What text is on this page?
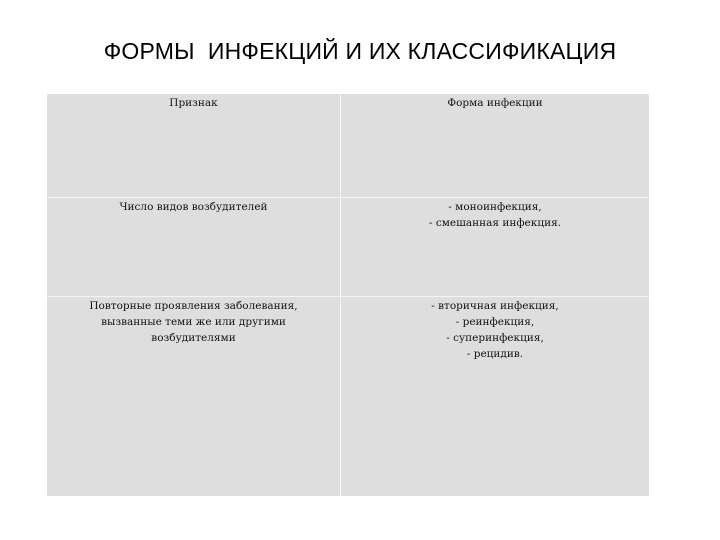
ФОРМЫ  ИНФЕКЦИЙ И ИХ КЛАССИФИКАЦИЯ
Признак	Форма инфекции
Число видов возбудителей	- моноинфекция,
- смешанная инфекция.
Повторные проявления заболевания,
вызванные теми же или другими
возбудителями
- вторичная инфекция,
- реинфекция,
- суперинфекция,
- рецидив.
